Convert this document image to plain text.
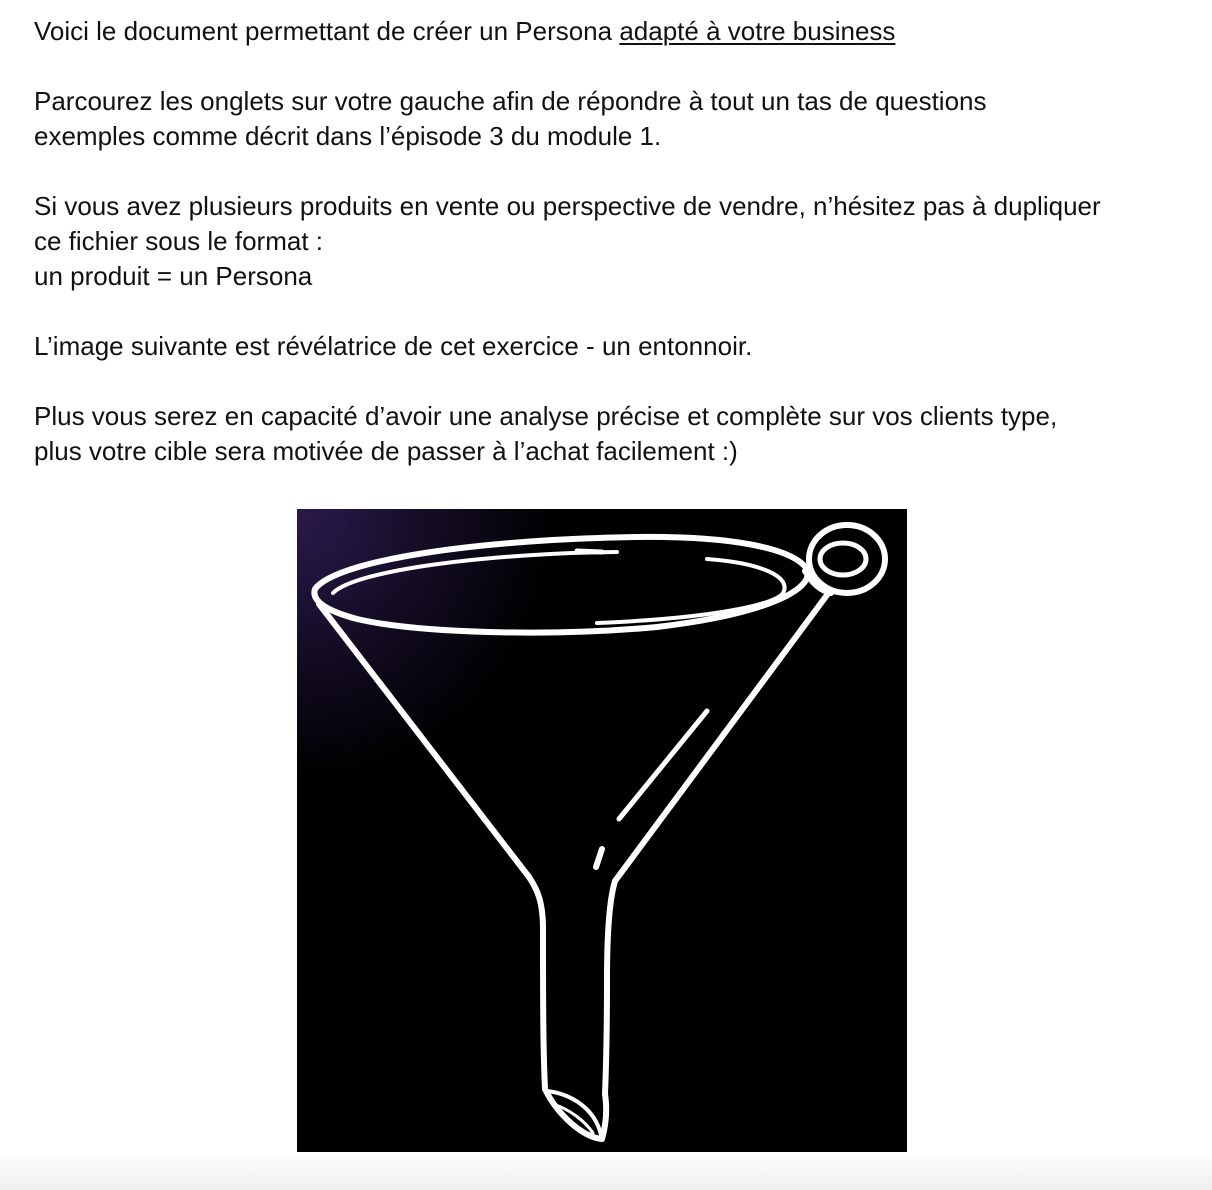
Voici le document permettant de créer un Persona adapté à votre business

Parcourez les onglets sur votre gauche afin de répondre à tout un tas de questions

exemples comme décrit dans l’épisode 3 du module 1.

Si vous avez plusieurs produits en vente ou perspective de vendre, n’hésitez pas à dupliquer

ce fichier sous le format :

un produit = un Persona

L’image suivante est révélatrice de cet exercice - un entonnoir.

Plus vous serez en capacité d’avoir une analyse précise et complète sur vos clients type,

plus votre cible sera motivée de passer à l’achat facilement :)
